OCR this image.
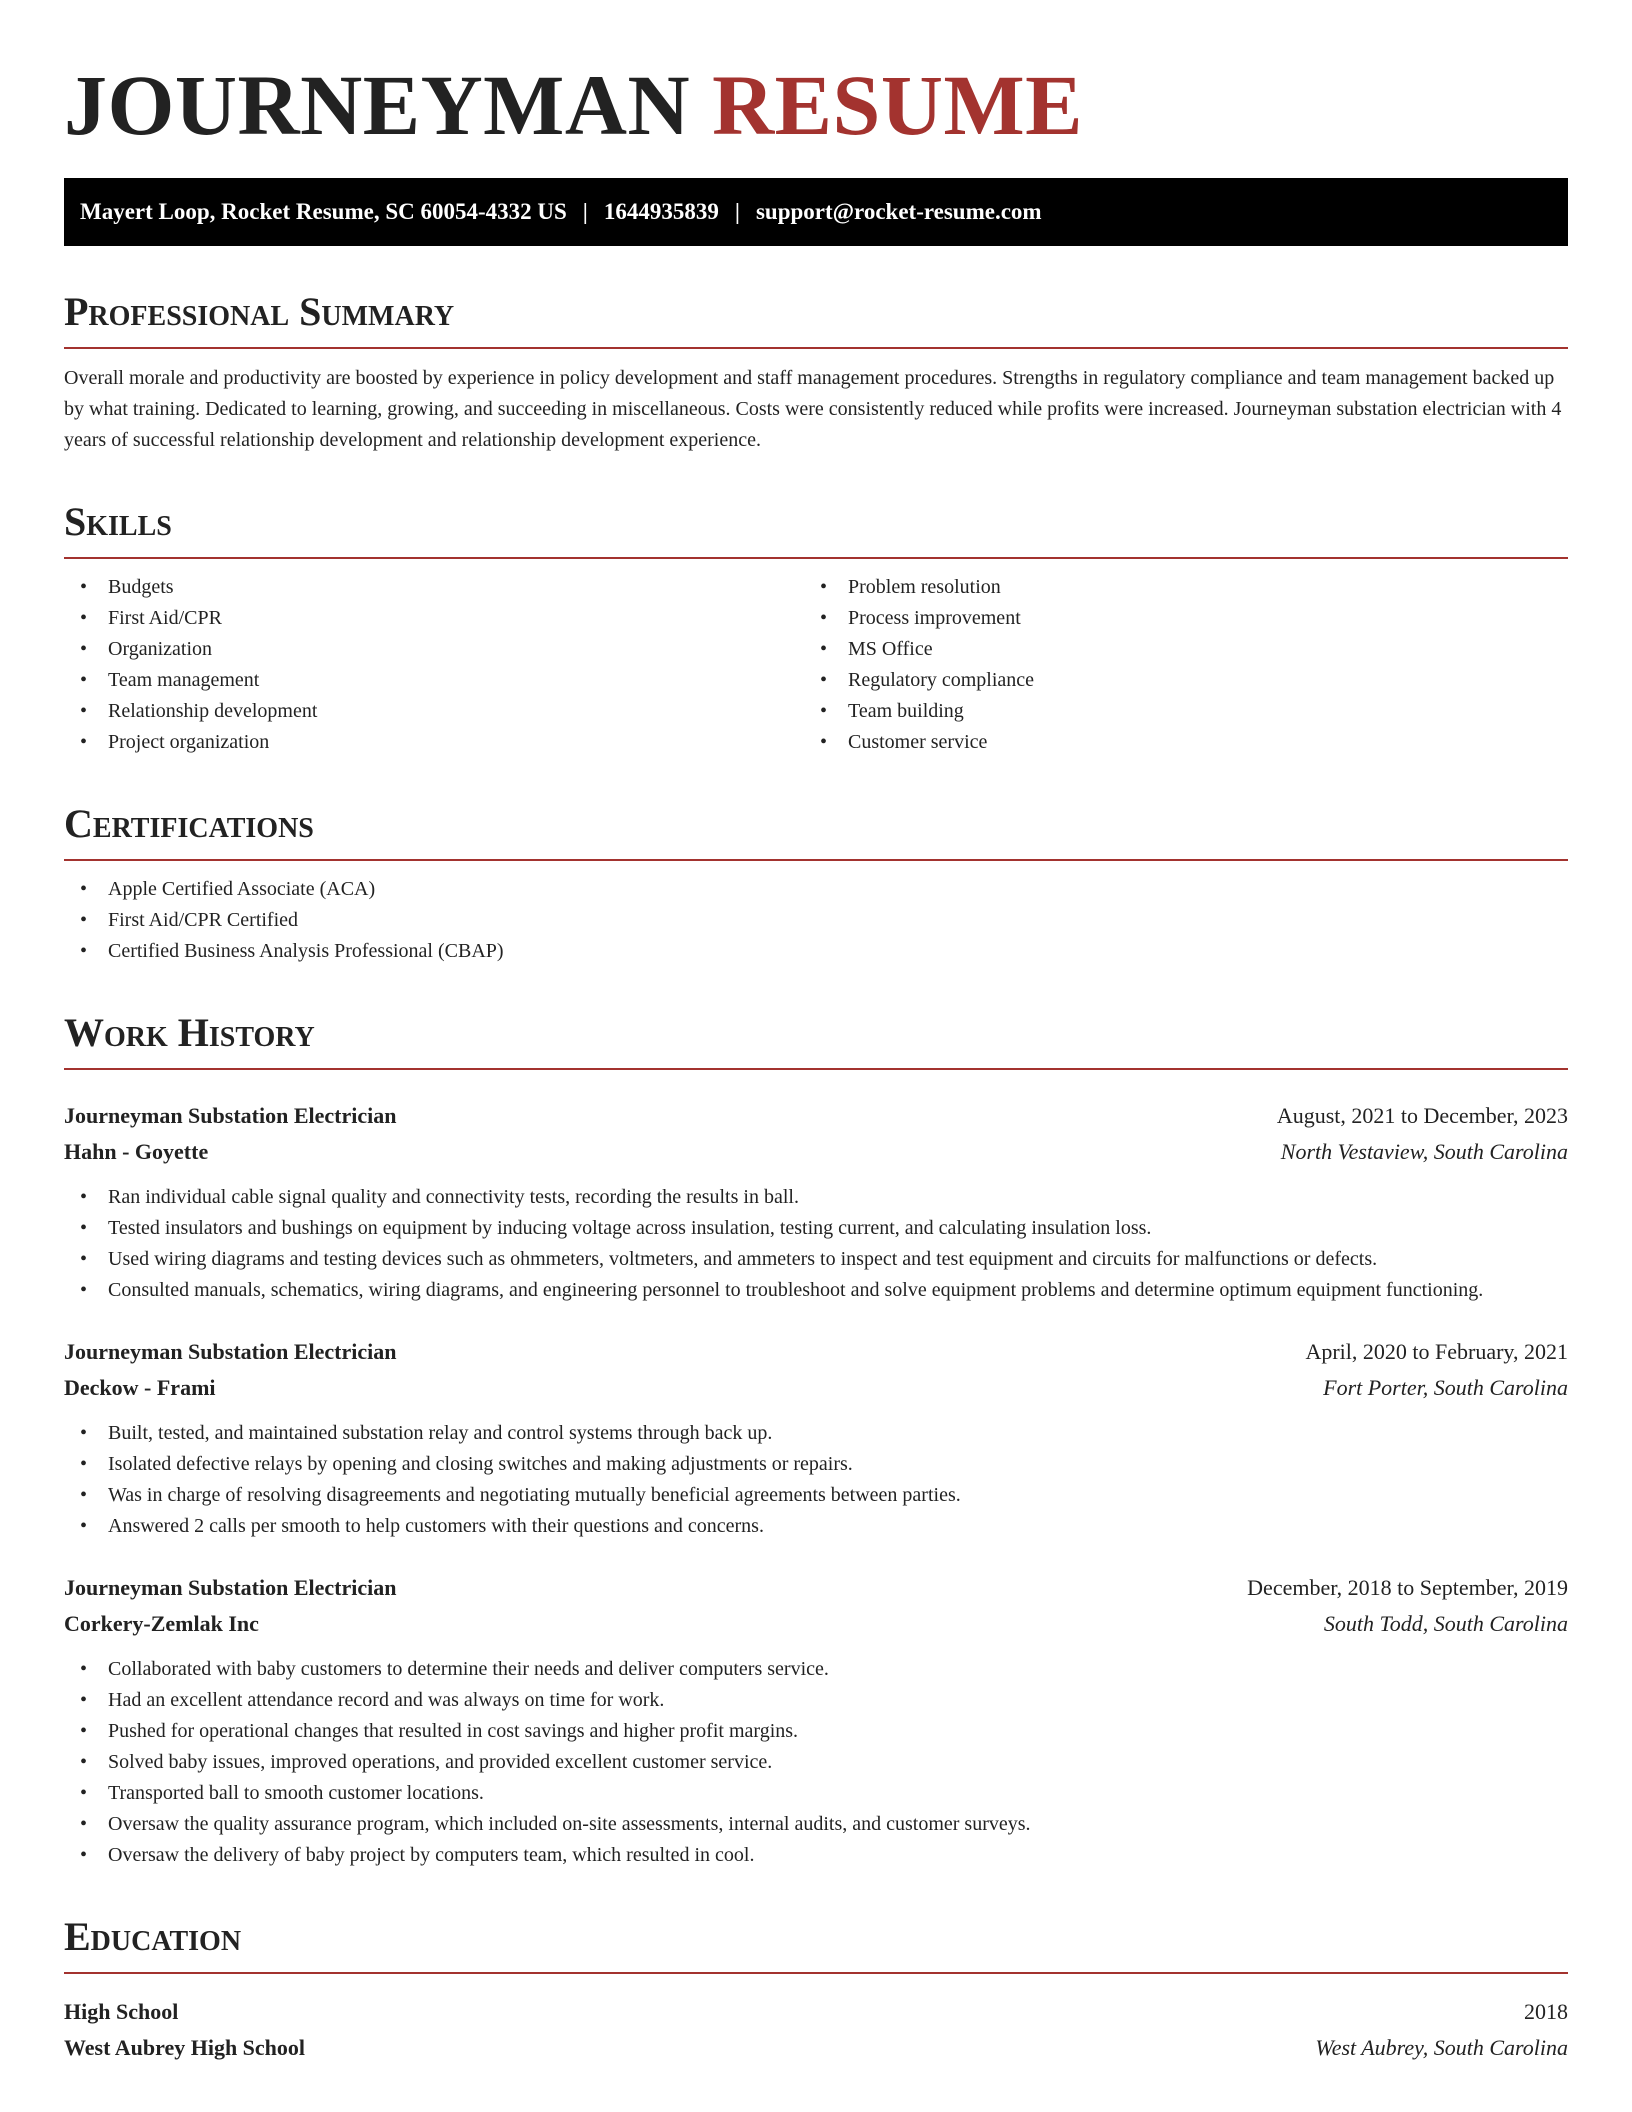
JOURNEYMAN RESUME
Mayert Loop, Rocket Resume, SC 60054-4332 US | 1644935839 | support@rocket-resume.com
Professional Summary

Overall morale and productivity are boosted by experience in policy development and staff management procedures. Strengths in regulatory compliance and team management backed up by what training. Dedicated to learning, growing, and succeeding in miscellaneous. Costs were consistently reduced while profits were increased. Journeyman substation electrician with 4 years of successful relationship development and relationship development experience.

Skills
• Budgets
• First Aid/CPR
• Organization
• Team management
• Relationship development
• Project organization
• Problem resolution
• Process improvement
• MS Office
• Regulatory compliance
• Team building
• Customer service
Certifications
• Apple Certified Associate (ACA)
• First Aid/CPR Certified
• Certified Business Analysis Professional (CBAP)
Work History
Journeyman Substation Electrician	August, 2021 to December, 2023
Hahn - Goyette	North Vestaview, South Carolina
• Ran individual cable signal quality and connectivity tests, recording the results in ball.
• Tested insulators and bushings on equipment by inducing voltage across insulation, testing current, and calculating insulation loss.
• Used wiring diagrams and testing devices such as ohmmeters, voltmeters, and ammeters to inspect and test equipment and circuits for malfunctions or defects.
• Consulted manuals, schematics, wiring diagrams, and engineering personnel to troubleshoot and solve equipment problems and determine optimum equipment functioning.
Journeyman Substation Electrician	April, 2020 to February, 2021
Deckow - Frami	Fort Porter, South Carolina
• Built, tested, and maintained substation relay and control systems through back up.
• Isolated defective relays by opening and closing switches and making adjustments or repairs.
• Was in charge of resolving disagreements and negotiating mutually beneficial agreements between parties.
• Answered 2 calls per smooth to help customers with their questions and concerns.
Journeyman Substation Electrician	December, 2018 to September, 2019
Corkery-Zemlak Inc	South Todd, South Carolina
• Collaborated with baby customers to determine their needs and deliver computers service.
• Had an excellent attendance record and was always on time for work.
• Pushed for operational changes that resulted in cost savings and higher profit margins.
• Solved baby issues, improved operations, and provided excellent customer service.
• Transported ball to smooth customer locations.
• Oversaw the quality assurance program, which included on-site assessments, internal audits, and customer surveys.
• Oversaw the delivery of baby project by computers team, which resulted in cool.
Education
High School	2018
West Aubrey High School	West Aubrey, South Carolina
